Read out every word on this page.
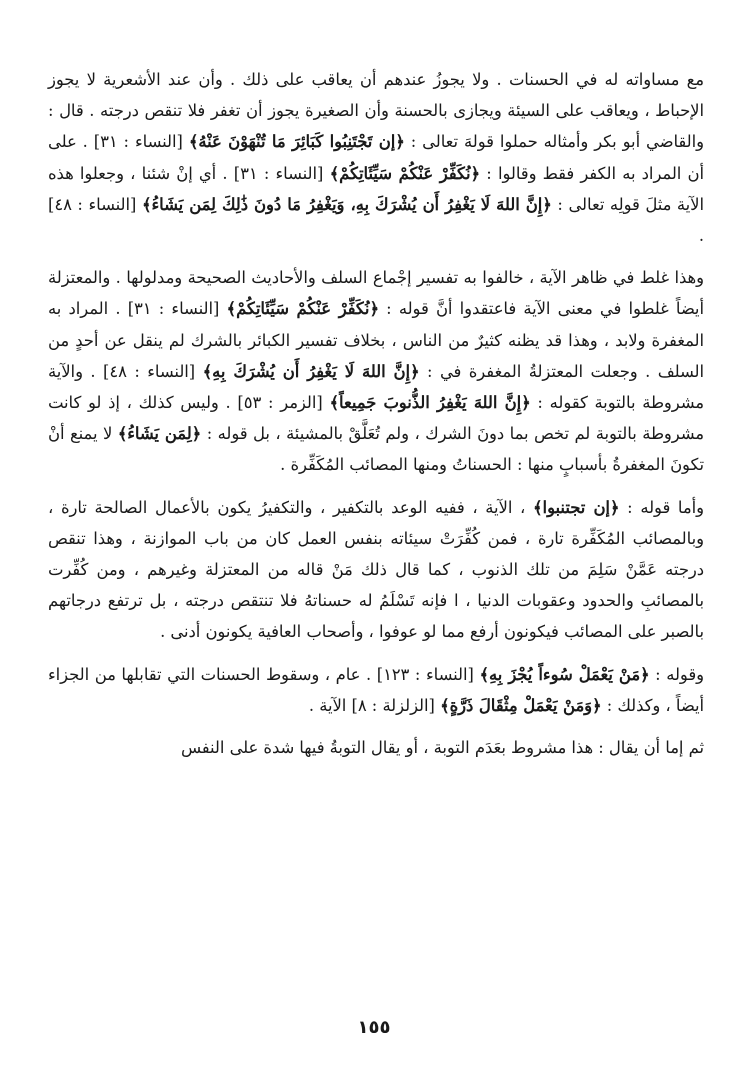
مع مساواته له في الحسنات . ولا يجوزُ عندهم أن يعاقب على ذلك . وأن عند الأشعرية لا يجوز الإحباط ، ويعاقب على السيئة ويجازى بالحسنة وأن الصغيرة يجوز أن تغفر فلا تنقص درجته . قال : والقاضي أبو بكر وأمثاله حملوا قولهَ تعالى : ﴿إن تَجْتَنِبُوا كَبَائِرَ مَا تُنْهَوْنَ عَنْهُ﴾ [النساء : ٣١] . على أن المراد به الكفر فقط وقالوا : ﴿نُكَفِّرْ عَنْكُمْ سَيِّئَاتِكُمْ﴾ [النساء : ٣١] . أي إنْ شئنا ، وجعلوا هذه الآية مثلَ قولِه تعالى : ﴿إِنَّ اللهَ لَا يَغْفِرُ أَن يُشْرَكَ بِهِ، وَيَغْفِرُ مَا دُونَ ذَٰلِكَ لِمَن يَشَاءُ﴾ [النساء : ٤٨] .

وهذا غلط في ظاهر الآية ، خالفوا به تفسير إجْماع السلف والأحاديث الصحيحة ومدلولها . والمعتزلة أيضاً غلطوا في معنى الآية فاعتقدوا أنَّ قوله : ﴿نُكَفِّرْ عَنْكُمْ سَيِّئَاتِكُمْ﴾ [النساء : ٣١] . المراد به المغفرة ولابد ، وهذا قد يظنه كثيرٌ من الناس ، بخلاف تفسير الكبائر بالشرك لم ينقل عن أحدٍ من السلف . وجعلت المعتزلةُ المغفرة في : ﴿إِنَّ اللهَ لَا يَغْفِرُ أَن يُشْرَكَ بِهِ﴾ [النساء : ٤٨] . والآية مشروطة بالتوبة كقوله : ﴿إِنَّ اللهَ يَغْفِرُ الذُّنوبَ جَمِيعاً﴾ [الزمر : ٥٣] . وليس كذلك ، إذ لو كانت مشروطة بالتوبة لم تخص بما دونَ الشرك ، ولم تُعَلَّقْ بالمشيئة ، بل قوله : ﴿لِمَن يَشَاءُ﴾ لا يمنع أنْ تكونَ المغفرةُ بأسبابٍ منها : الحسناتُ ومنها المصائب المُكَفِّرة .

وأما قوله : ﴿إن تجتنبوا﴾ ، الآية ، ففيه الوعد بالتكفير ، والتكفيرُ يكون بالأعمال الصالحة تارة ، وبالمصائب المُكَفِّرة تارة ، فمن كُفِّرَتْ سيئاته بنفس العمل كان من باب الموازنة ، وهذا تنقص درجته عَمَّنْ سَلِمَ من تلك الذنوب ، كما قال ذلك مَنْ قاله من المعتزلة وغيرهم ، ومن كُفِّرت بالمصائبِ والحدود وعقوبات الدنيا ، ا فإنه تَسْلَمُ له حسناتهُ فلا تنتقص درجته ، بل ترتفع درجاتهم بالصبر على المصائب فيكونون أرفع مما لو عوفوا ، وأصحاب العافية يكونون أدنى .

وقوله : ﴿مَنْ يَعْمَلْ سُوءاً يُجْزَ بِهِ﴾ [النساء : ١٢٣] . عام ، وسقوط الحسنات التي تقابلها من الجزاء أيضاً ، وكذلك : ﴿وَمَنْ يَعْمَلْ مِثْقَالَ ذَرَّةٍ﴾ [الزلزلة : ٨] الآية .

ثم إما أن يقال : هذا مشروط بعَدَم التوبة ، أو يقال التوبةُ فيها شدة على النفس

١٥٥
